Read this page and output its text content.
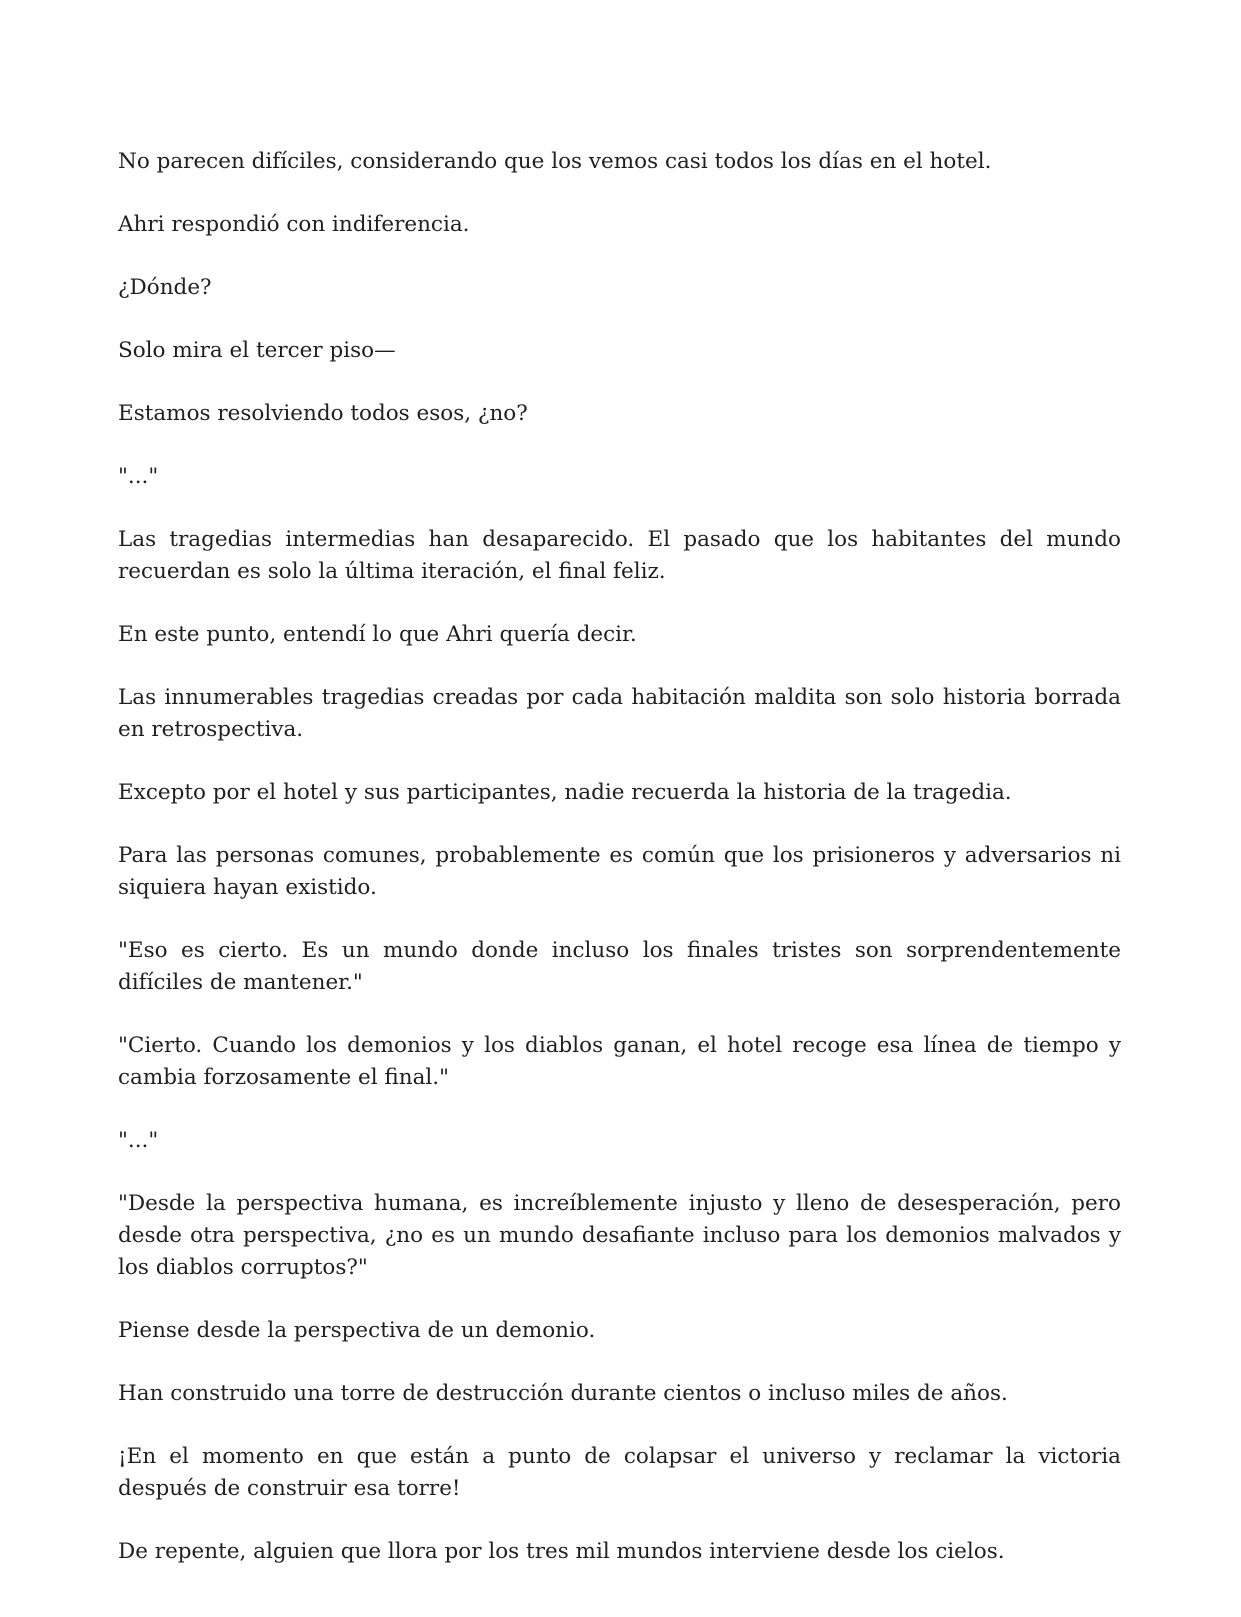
No parecen difíciles, considerando que los vemos casi todos los días en el hotel.

Ahri respondió con indiferencia.

¿Dónde?

Solo mira el tercer piso—

Estamos resolviendo todos esos, ¿no?

"..."

Las tragedias intermedias han desaparecido. El pasado que los habitantes del mundo recuerdan es solo la última iteración, el final feliz.

En este punto, entendí lo que Ahri quería decir.

Las innumerables tragedias creadas por cada habitación maldita son solo historia borrada en retrospectiva.

Excepto por el hotel y sus participantes, nadie recuerda la historia de la tragedia.

Para las personas comunes, probablemente es común que los prisioneros y adversarios ni siquiera hayan existido.

"Eso es cierto. Es un mundo donde incluso los finales tristes son sorprendentemente difíciles de mantener."

"Cierto. Cuando los demonios y los diablos ganan, el hotel recoge esa línea de tiempo y cambia forzosamente el final."

"..."

"Desde la perspectiva humana, es increíblemente injusto y lleno de desesperación, pero desde otra perspectiva, ¿no es un mundo desafiante incluso para los demonios malvados y los diablos corruptos?"

Piense desde la perspectiva de un demonio.

Han construido una torre de destrucción durante cientos o incluso miles de años.

¡En el momento en que están a punto de colapsar el universo y reclamar la victoria después de construir esa torre!

De repente, alguien que llora por los tres mil mundos interviene desde los cielos.
